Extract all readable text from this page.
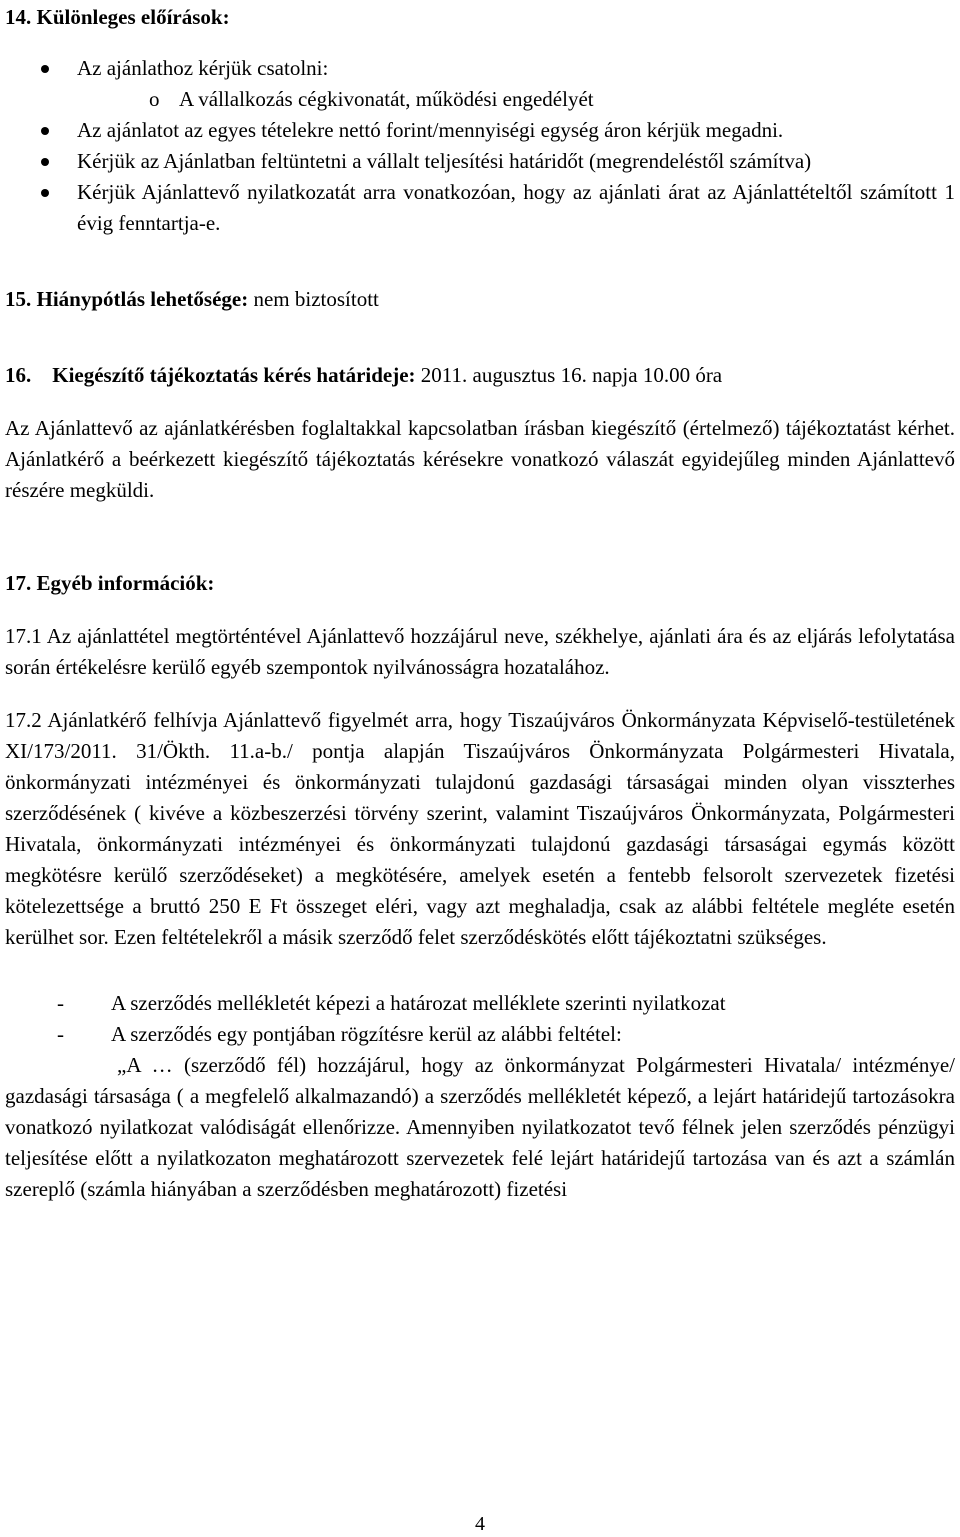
14. Különleges előírások:

Az ajánlathoz kérjük csatolni:
o A vállalkozás cégkivonatát, működési engedélyét
Az ajánlatot az egyes tételekre nettó forint/mennyiségi egység áron kérjük megadni.
Kérjük az Ajánlatban feltüntetni a vállalt teljesítési határidőt (megrendeléstől számítva)
Kérjük Ajánlattevő nyilatkozatát arra vonatkozóan, hogy az ajánlati árat az Ajánlattételtől számított 1 évig fenntartja-e.

15. Hiánypótlás lehetősége: nem biztosított

16. Kiegészítő tájékoztatás kérés határideje: 2011. augusztus 16. napja 10.00 óra

Az Ajánlattevő az ajánlatkérésben foglaltakkal kapcsolatban írásban kiegészítő (értelmező) tájékoztatást kérhet. Ajánlatkérő a beérkezett kiegészítő tájékoztatás kérésekre vonatkozó válaszát egyidejűleg minden Ajánlattevő részére megküldi.

17. Egyéb információk:

17.1 Az ajánlattétel megtörténtével Ajánlattevő hozzájárul neve, székhelye, ajánlati ára és az eljárás lefolytatása során értékelésre kerülő egyéb szempontok nyilvánosságra hozatalához.

17.2 Ajánlatkérő felhívja Ajánlattevő figyelmét arra, hogy Tiszaújváros Önkormányzata Képviselő-testületének XI/173/2011. 31/Ökth. 11.a-b./ pontja alapján Tiszaújváros Önkormányzata Polgármesteri Hivatala, önkormányzati intézményei és önkormányzati tulajdonú gazdasági társaságai minden olyan visszterhes szerződésének ( kivéve a közbeszerzési törvény szerint, valamint Tiszaújváros Önkormányzata, Polgármesteri Hivatala, önkormányzati intézményei és önkormányzati tulajdonú gazdasági társaságai egymás között megkötésre kerülő szerződéseket) a megkötésére, amelyek esetén a fentebb felsorolt szervezetek fizetési kötelezettsége a bruttó 250 E Ft összeget eléri, vagy azt meghaladja, csak az alábbi feltétele megléte esetén kerülhet sor. Ezen feltételekről a másik szerződő felet szerződéskötés előtt tájékoztatni szükséges.

- A szerződés mellékletét képezi a határozat melléklete szerinti nyilatkozat
- A szerződés egy pontjában rögzítésre kerül az alábbi feltétel:

„A … (szerződő fél) hozzájárul, hogy az önkormányzat Polgármesteri Hivatala/ intézménye/ gazdasági társasága ( a megfelelő alkalmazandó) a szerződés mellékletét képező, a lejárt határidejű tartozásokra vonatkozó nyilatkozat valódiságát ellenőrizze. Amennyiben nyilatkozatot tevő félnek jelen szerződés pénzügyi teljesítése előtt a nyilatkozaton meghatározott szervezetek felé lejárt határidejű tartozása van és azt a számlán szereplő (számla hiányában a szerződésben meghatározott) fizetési

4
